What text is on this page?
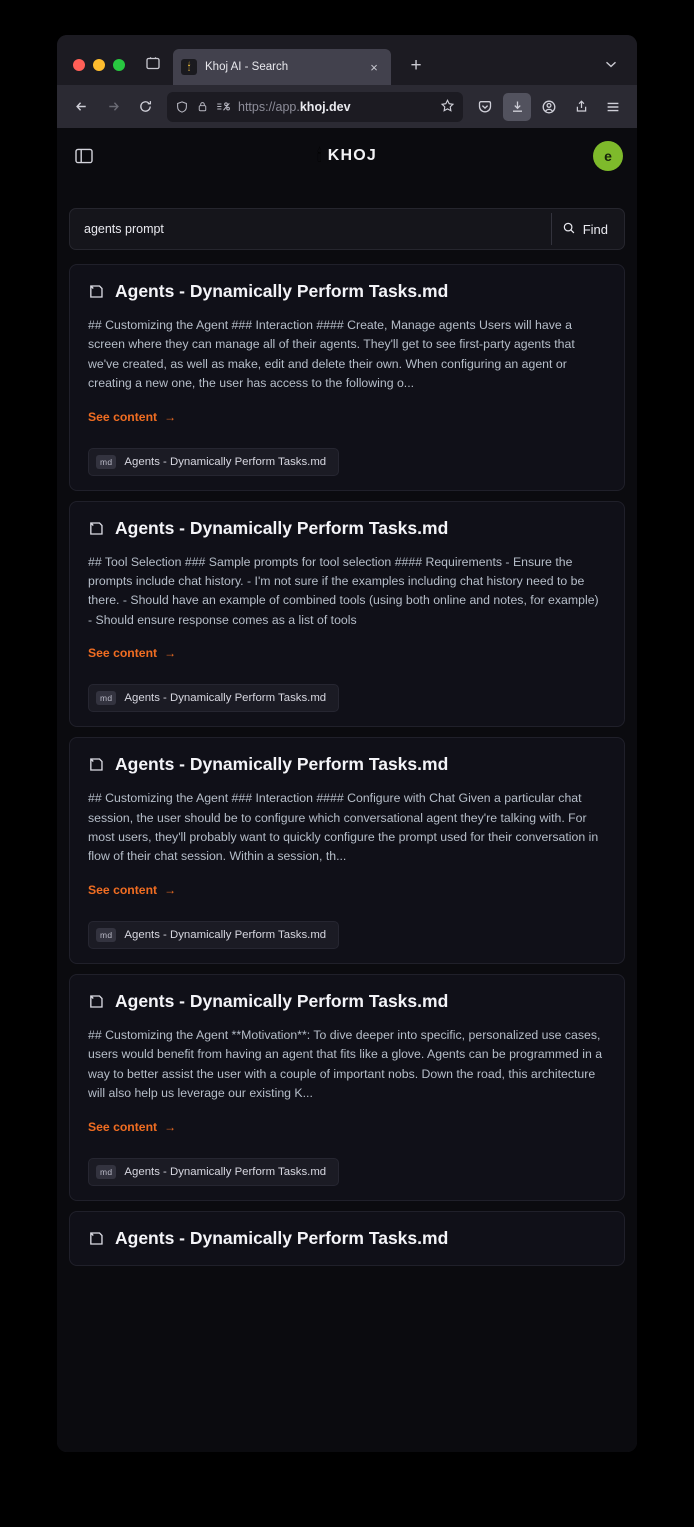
🕯	Khoj AI - Search	×	+
https://app.khoj.dev
🕯 KHOJ	e
agents prompt
Find
Agents - Dynamically Perform Tasks.md
## Customizing the Agent ### Interaction #### Create, Manage agents Users will have a screen where they can manage all of their agents. They'll get to see first-party agents that we've created, as well as make, edit and delete their own. When configuring an agent or creating a new one, the user has access to the following o...
See content →
md	Agents - Dynamically Perform Tasks.md
Agents - Dynamically Perform Tasks.md
## Tool Selection ### Sample prompts for tool selection #### Requirements - Ensure the prompts include chat history. - I'm not sure if the examples including chat history need to be there. - Should have an example of combined tools (using both online and notes, for example) - Should ensure response comes as a list of tools
See content →
md	Agents - Dynamically Perform Tasks.md
Agents - Dynamically Perform Tasks.md
## Customizing the Agent ### Interaction #### Configure with Chat Given a particular chat session, the user should be to configure which conversational agent they're talking with. For most users, they'll probably want to quickly configure the prompt used for their conversation in flow of their chat session. Within a session, th...
See content →
md	Agents - Dynamically Perform Tasks.md
Agents - Dynamically Perform Tasks.md
## Customizing the Agent **Motivation**: To dive deeper into specific, personalized use cases, users would benefit from having an agent that fits like a glove. Agents can be programmed in a way to better assist the user with a couple of important nobs. Down the road, this architecture will also help us leverage our existing K...
See content →
md	Agents - Dynamically Perform Tasks.md
Agents - Dynamically Perform Tasks.md
